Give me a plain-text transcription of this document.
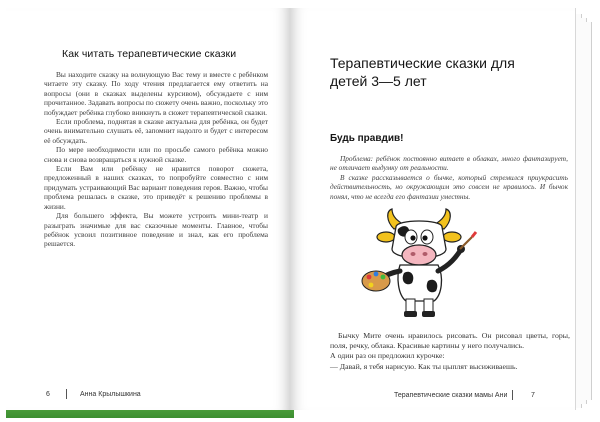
Как читать терапевтические сказки

Вы находите сказку на волнующую Вас тему и вместе с ребёнком читаете эту сказку. По ходу чтения предлагается ему ответить на вопросы (они в сказках выделены курсивом), обсуждаете с ним прочитанное. Задавать вопросы по сюжету очень важно, поскольку это побуждает ребёнка глубоко вникнуть в сюжет терапевтической сказки.

Если проблема, поднятая в сказке актуальна для ребёнка, он будет очень внимательно слушать её, запомнит надолго и будет с интересом её обсуждать.

По мере необходимости или по просьбе самого ребёнка можно снова и снова возвращаться к нужной сказке.

Если Вам или ребёнку не нравится поворот сюжета, предложенный в наших сказках, то попробуйте совместно с ним придумать устраивающий Вас вариант поведения героя. Важно, чтобы проблема решалась в сказке, это приведёт к решению проблемы в жизни.

Для большего эффекта, Вы можете устроить мини-театр и разыграть значимые для вас сказочные моменты. Главное, чтобы ребёнок усвоил позитивное поведение и знал, как его проблема решается.

6	Анна Крылышкина
Терапевтические сказки для детей 3—5 лет
Будь правдив!

Проблема: ребёнок постоянно витает в облаках, много фантазирует, не отличает выдумку от реальности.

В сказке рассказывается о бычке, который стремился приукрасить действительность, но окружающим это совсем не нравилось. И бычок понял, что не всегда его фантазии уместны.

Бычку Мите очень нравилось рисовать. Он рисовал цветы, горы, поля, речку, облака. Красивые картины у него получались.

А один раз он предложил курочке:

— Давай, я тебя нарисую. Как ты цыплят высиживаешь.

Терапевтические сказки мамы Ани	7
